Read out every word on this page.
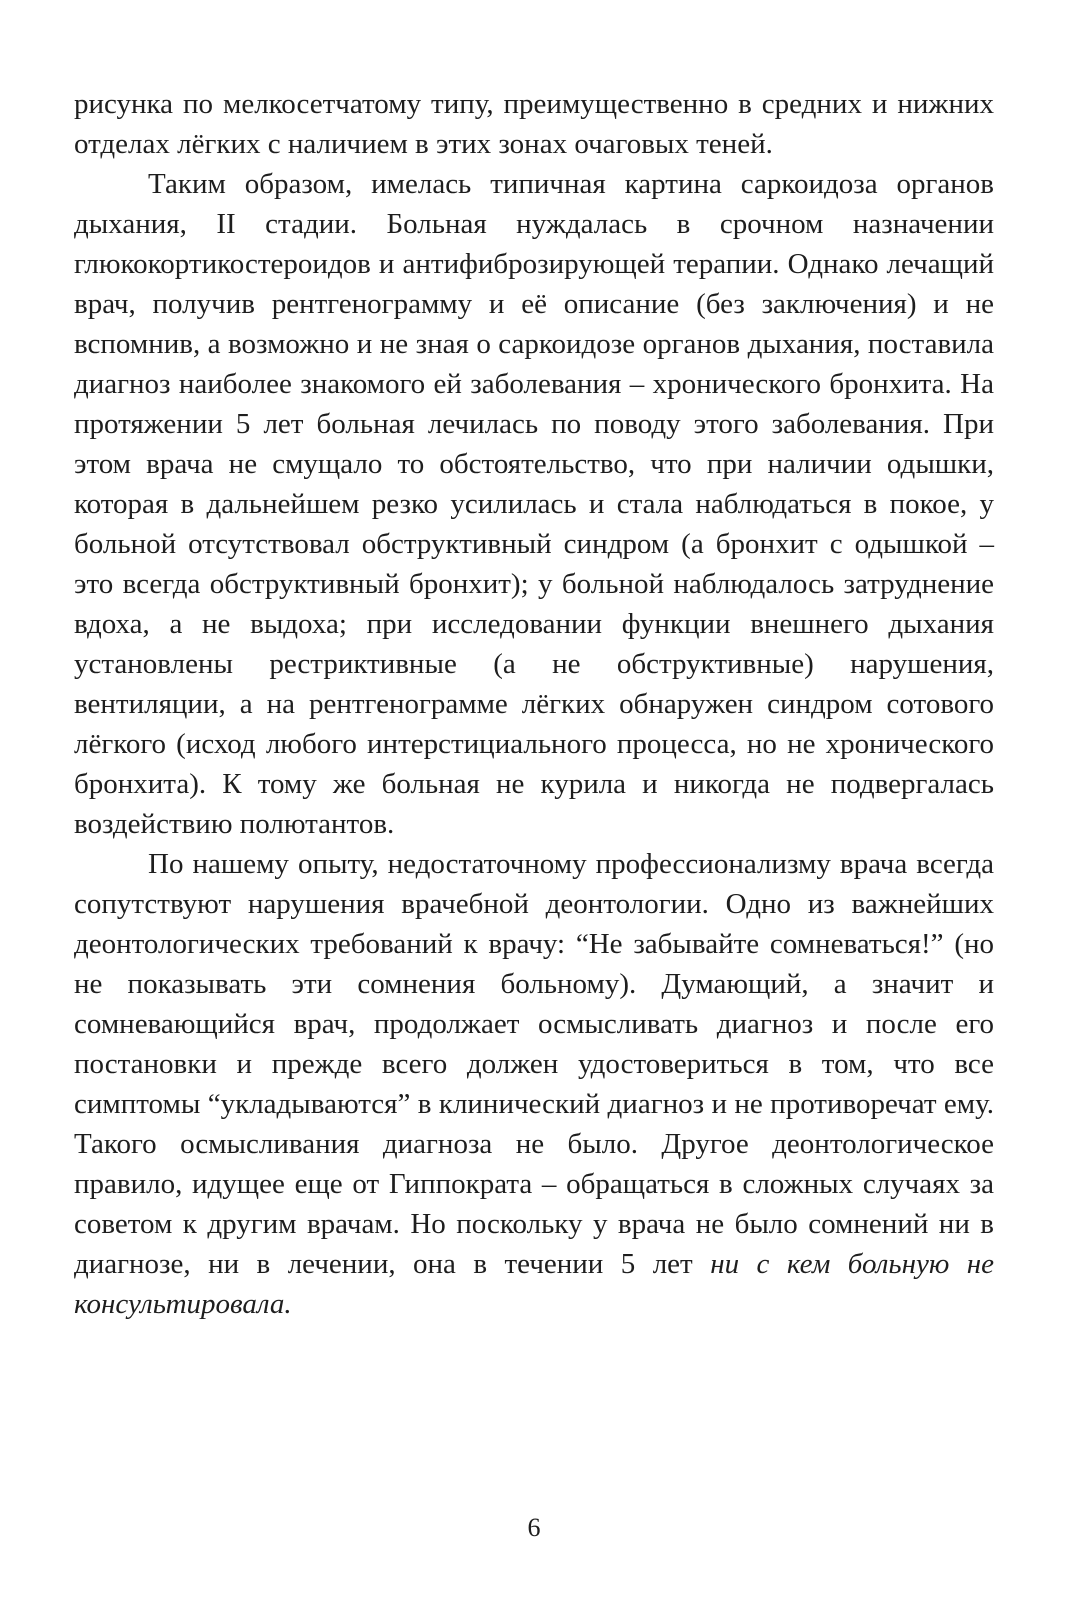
рисунка по мелкосетчатому типу, преимущественно в средних и нижних отделах лёгких с наличием в этих зонах очаговых теней.

Таким образом, имелась типичная картина саркоидоза органов дыхания, II стадии. Больная нуждалась в срочном назначении глюкокортикостероидов и антифиброзирующей терапии. Однако лечащий врач, получив рентгенограмму и её описание (без заключения) и не вспомнив, а возможно и не зная о саркоидозе органов дыхания, поставила диагноз наиболее знакомого ей заболевания – хронического бронхита. На протяжении 5 лет больная лечилась по поводу этого заболевания. При этом врача не смущало то обстоятельство, что при наличии одышки, которая в дальнейшем резко усилилась и стала наблюдаться в покое, у больной отсутствовал обструктивный синдром (а бронхит с одышкой – это всегда обструктивный бронхит); у больной наблюдалось затруднение вдоха, а не выдоха; при исследовании функции внешнего дыхания установлены рестриктивные (а не обструктивные) нарушения, вентиляции, а на рентгенограмме лёгких обнаружен синдром сотового лёгкого (исход любого интерстициального процесса, но не хронического бронхита). К тому же больная не курила и никогда не подвергалась воздействию полютантов.

По нашему опыту, недостаточному профессионализму врача всегда сопутствуют нарушения врачебной деонтологии. Одно из важнейших деонтологических требований к врачу: “Не забывайте сомневаться!” (но не показывать эти сомнения больному). Думающий, а значит и сомневающийся врач, продолжает осмысливать диагноз и после его постановки и прежде всего должен удостовериться в том, что все симптомы “укладываются” в клинический диагноз и не противоречат ему. Такого осмысливания диагноза не было. Другое деонтологическое правило, идущее еще от Гиппократа – обращаться в сложных случаях за советом к другим врачам. Но поскольку у врача не было сомнений ни в диагнозе, ни в лечении, она в течении 5 лет ни с кем больную не консультировала.

6
